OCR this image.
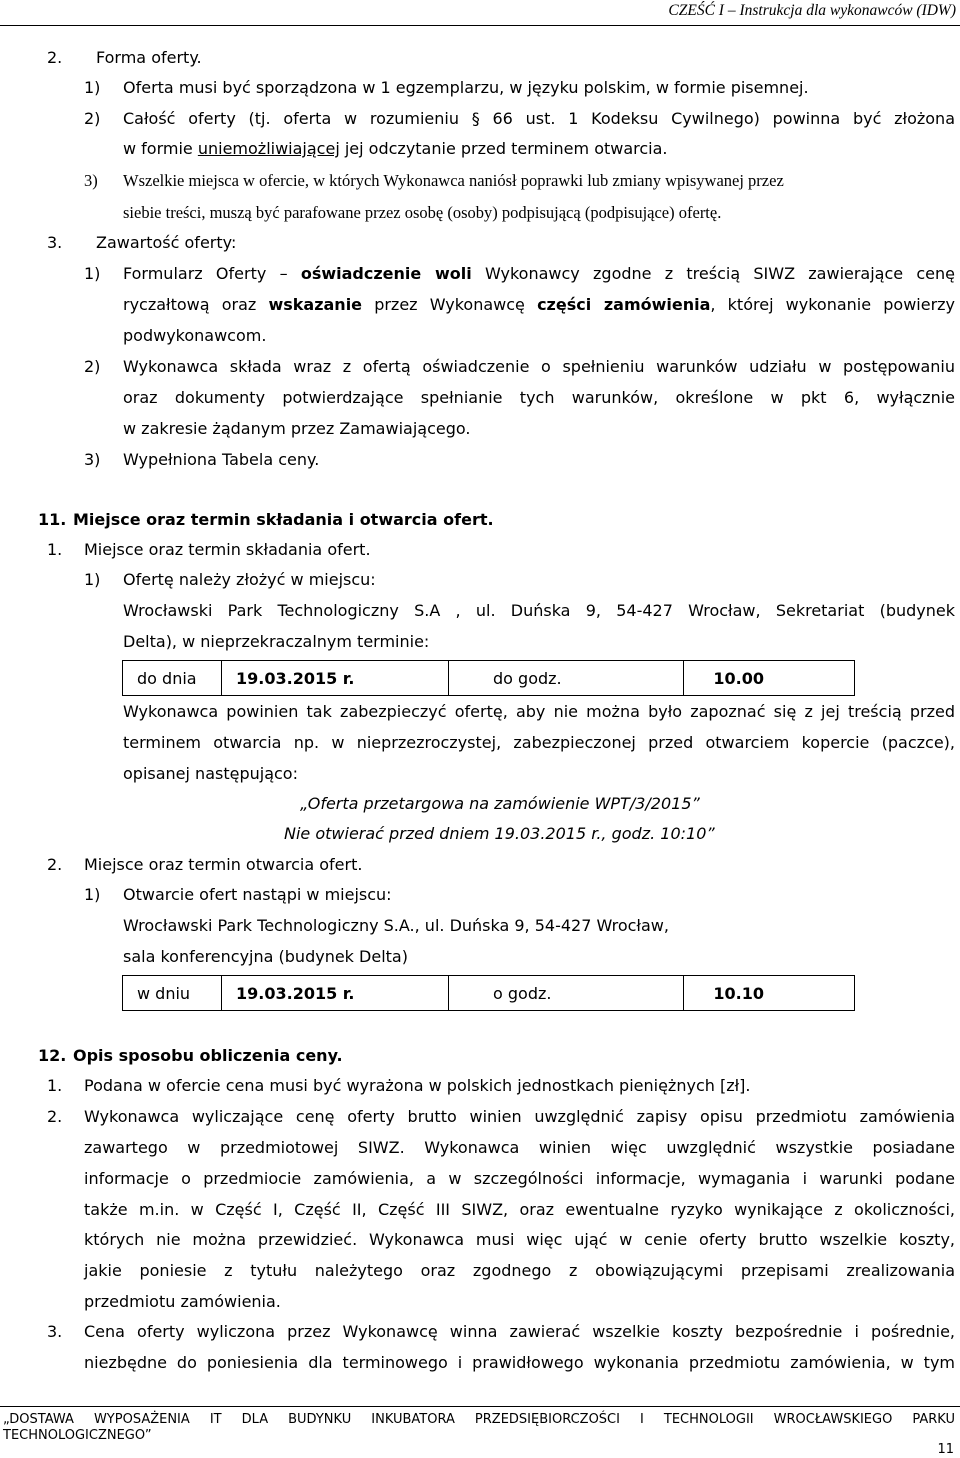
CZEŚĆ I – Instrukcja dla wykonawców (IDW)
2. Forma oferty.
1) Oferta musi być sporządzona w 1 egzemplarzu, w języku polskim, w formie pisemnej.
2) Całość oferty (tj. oferta w rozumieniu § 66 ust. 1 Kodeksu Cywilnego) powinna być złożona
w formie uniemożliwiającej jej odczytanie przed terminem otwarcia.
3) Wszelkie miejsca w ofercie, w których Wykonawca naniósł poprawki lub zmiany wpisywanej przez
siebie treści, muszą być parafowane przez osobę (osoby) podpisującą (podpisujące) ofertę.
3. Zawartość oferty:
1) Formularz Oferty – oświadczenie woli Wykonawcy zgodne z treścią SIWZ zawierające cenę
ryczałtową oraz wskazanie przez Wykonawcę części zamówienia, której wykonanie powierzy
podwykonawcom.
2) Wykonawca składa wraz z ofertą oświadczenie o spełnieniu warunków udziału w postępowaniu
oraz dokumenty potwierdzające spełnianie tych warunków, określone w pkt 6, wyłącznie
w zakresie żądanym przez Zamawiającego.
3) Wypełniona Tabela ceny.
11. Miejsce oraz termin składania i otwarcia ofert.
1. Miejsce oraz termin składania ofert.
1) Ofertę należy złożyć w miejscu:
Wrocławski Park Technologiczny S.A , ul. Duńska 9, 54-427 Wrocław, Sekretariat (budynek
Delta), w nieprzekraczalnym terminie:
do dnia	19.03.2015 r.	do godz.	10.00
Wykonawca powinien tak zabezpieczyć ofertę, aby nie można było zapoznać się z jej treścią przed
terminem otwarcia np. w nieprzezroczystej, zabezpieczonej przed otwarciem kopercie (paczce),
opisanej następująco:
„Oferta przetargowa na zamówienie WPT/3/2015”
Nie otwierać przed dniem 19.03.2015 r., godz. 10:10”
2. Miejsce oraz termin otwarcia ofert.
1) Otwarcie ofert nastąpi w miejscu:
Wrocławski Park Technologiczny S.A., ul. Duńska 9, 54-427 Wrocław,
sala konferencyjna (budynek Delta)
w dniu	19.03.2015 r.	o godz.	10.10
12. Opis sposobu obliczenia ceny.
1. Podana w ofercie cena musi być wyrażona w polskich jednostkach pieniężnych [zł].
2. Wykonawca wyliczające cenę oferty brutto winien uwzględnić zapisy opisu przedmiotu zamówienia
zawartego w przedmiotowej SIWZ. Wykonawca winien więc uwzględnić wszystkie posiadane
informacje o przedmiocie zamówienia, a w szczególności informacje, wymagania i warunki podane
także m.in. w Część I, Część II, Część III SIWZ, oraz ewentualne ryzyko wynikające z okoliczności,
których nie można przewidzieć. Wykonawca musi więc ująć w cenie oferty brutto wszelkie koszty,
jakie poniesie z tytułu należytego oraz zgodnego z obowiązującymi przepisami zrealizowania
przedmiotu zamówienia.
3. Cena oferty wyliczona przez Wykonawcę winna zawierać wszelkie koszty bezpośrednie i pośrednie,
niezbędne do poniesienia dla terminowego i prawidłowego wykonania przedmiotu zamówienia, w tym
„DOSTAWA WYPOSAŻENIA IT DLA BUDYNKU INKUBATORA PRZEDSIĘBIORCZOŚCI I TECHNOLOGII WROCŁAWSKIEGO PARKU
TECHNOLOGICZNEGO”
11
